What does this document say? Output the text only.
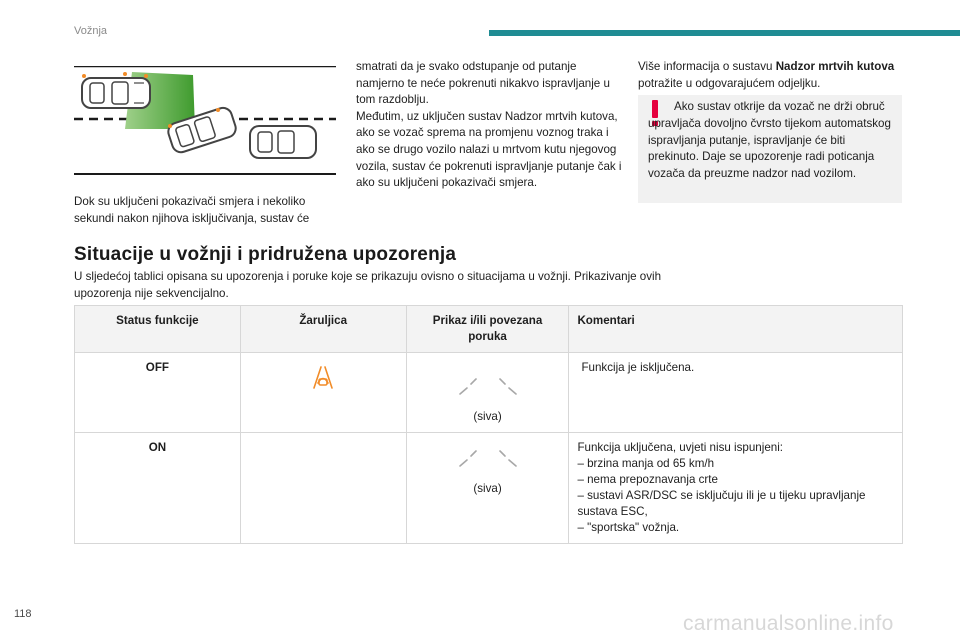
Vožnja
Dok su uključeni pokazivači smjera i nekoliko sekundi nakon njihova isključivanja, sustav će
smatrati da je svako odstupanje od putanje namjerno te neće pokrenuti nikakvo ispravljanje u tom razdoblju.
Međutim, uz uključen sustav Nadzor mrtvih kutova, ako se vozač sprema na promjenu voznog traka i ako se drugo vozilo nalazi u mrtvom kutu njegovog vozila, sustav će pokrenuti ispravljanje putanje čak i ako su uključeni pokazivači smjera.
Više informacija o sustavu Nadzor mrtvih kutova potražite u odgovarajućem odjeljku.
Ako sustav otkrije da vozač ne drži obruč upravljača dovoljno čvrsto tijekom automatskog ispravljanja putanje, ispravljanje će biti prekinuto. Daje se upozorenje radi poticanja vozača da preuzme nadzor nad vozilom.
Situacije u vožnji i pridružena upozorenja
U sljedećoj tablici opisana su upozorenja i poruke koje se prikazuju ovisno o situacijama u vožnji. Prikazivanje ovih upozorenja nije sekvencijalno.
Status funkcije	Žaruljica	Prikaz i/ili povezana poruka	Komentari
OFF		(siva)	Funkcija je isključena.

ON		(siva)	Funkcija uključena, uvjeti nisu ispunjeni:
– brzina manja od 65 km/h
– nema prepoznavanja crte
– sustavi ASR/DSC se isključuju ili je u tijeku upravljanje sustava ESC,
– "sportska" vožnja.
118	carmanualsonline.info
